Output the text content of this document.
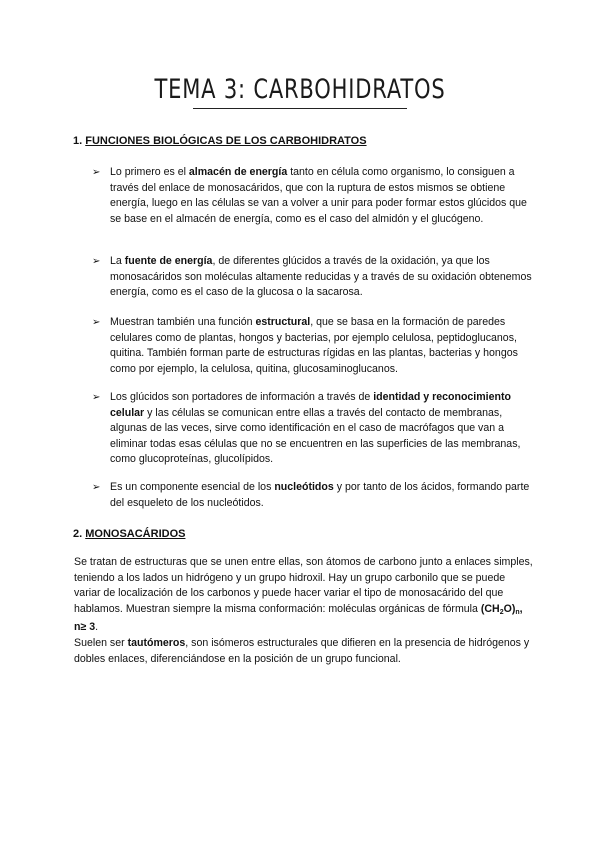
TEMA 3: CARBOHIDRATOS
1. FUNCIONES BIOLÓGICAS DE LOS CARBOHIDRATOS
➢ Lo primero es el almacén de energía tanto en célula como organismo, lo consiguen a través del enlace de monosacáridos, que con la ruptura de estos mismos se obtiene energía, luego en las células se van a volver a unir para poder formar estos glúcidos que se base en el almacén de energía, como es el caso del almidón y el glucógeno.
➢ La fuente de energía, de diferentes glúcidos a través de la oxidación, ya que los monosacáridos son moléculas altamente reducidas y a través de su oxidación obtenemos energía, como es el caso de la glucosa o la sacarosa.
➢ Muestran también una función estructural, que se basa en la formación de paredes celulares como de plantas, hongos y bacterias, por ejemplo celulosa, peptidoglucanos, quitina. También forman parte de estructuras rígidas en las plantas, bacterias y hongos como por ejemplo, la celulosa, quitina, glucosaminoglucanos.
➢ Los glúcidos son portadores de información a través de identidad y reconocimiento celular y las células se comunican entre ellas a través del contacto de membranas, algunas de las veces, sirve como identificación en el caso de macrófagos que van a eliminar todas esas células que no se encuentren en las superficies de las membranas, como glucoproteínas, glucolípidos.
➢ Es un componente esencial de los nucleótidos y por tanto de los ácidos, formando parte del esqueleto de los nucleótidos.
2. MONOSACÁRIDOS
Se tratan de estructuras que se unen entre ellas, son átomos de carbono junto a enlaces simples, teniendo a los lados un hidrógeno y un grupo hidroxil. Hay un grupo carbonilo que se puede variar de localización de los carbonos y puede hacer variar el tipo de monosacárido del que hablamos. Muestran siempre la misma conformación: moléculas orgánicas de fórmula $(CH_2O)_n$, n≥ 3.
Suelen ser tautómeros, son isómeros estructurales que difieren en la presencia de hidrógenos y dobles enlaces, diferenciándose en la posición de un grupo funcional.
